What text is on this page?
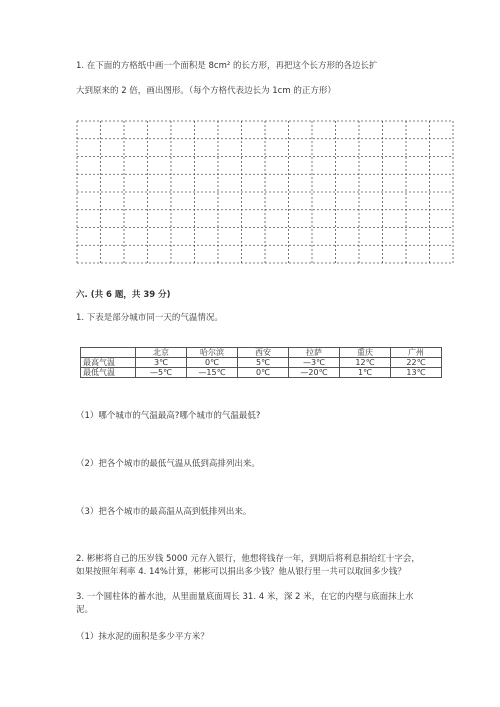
1. 在下面的方格纸中画一个面积是 8cm² 的长方形，再把这个长方形的各边长扩
大到原来的 2 倍，画出图形。（每个方格代表边长为 1cm 的正方形）
六. (共 6 题，共 39 分)
1. 下表是部分城市同一天的气温情况。
	北京	哈尔滨	西安	拉萨	重庆	广州
最高气温	3℃	0℃	5℃	—3℃	12℃	22℃
最低气温	—5℃	—15℃	0℃	—20℃	1℃	13℃
（1）哪个城市的气温最高?哪个城市的气温最低?
（2）把各个城市的最低气温从低到高排列出来。
（3）把各个城市的最高温从高到低排列出来。
2. 彬彬将自己的压岁钱 5000 元存入银行，他想将钱存一年，到期后将利息捐给红十字会，如果按照年利率 4. 14%计算，彬彬可以捐出多少钱？他从银行里一共可以取回多少钱？
3. 一个圆柱体的蓄水池，从里面量底面周长 31. 4 米，深 2 米，在它的内壁与底面抹上水泥。
（1）抹水泥的面积是多少平方米？
